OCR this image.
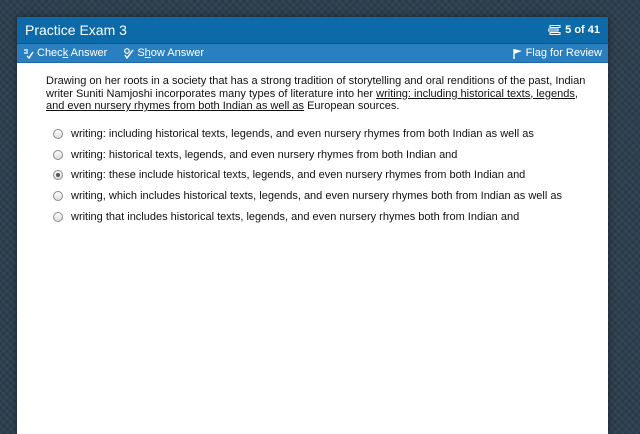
Practice Exam 3	5 of 41
Check Answer	Show Answer	Flag for Review

Drawing on her roots in a society that has a strong tradition of storytelling and oral renditions of the past, Indian writer Suniti Namjoshi incorporates many types of literature into her writing: including historical texts, legends, and even nursery rhymes from both Indian as well as European sources.

writing: including historical texts, legends, and even nursery rhymes from both Indian as well as
writing: historical texts, legends, and even nursery rhymes from both Indian and
writing: these include historical texts, legends, and even nursery rhymes from both Indian and
writing, which includes historical texts, legends, and even nursery rhymes both from Indian as well as
writing that includes historical texts, legends, and even nursery rhymes both from Indian and
